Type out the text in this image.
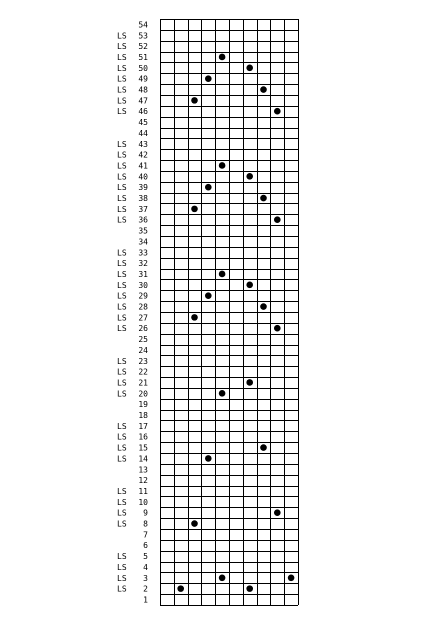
54
53
LS
52
LS
51
LS
50
LS
49
LS
48
LS
47
LS
46
LS
45
44
43
LS
42
LS
41
LS
40
LS
39
LS
38
LS
37
LS
36
LS
35
34
33
LS
32
LS
31
LS
30
LS
29
LS
28
LS
27
LS
26
LS
25
24
23
LS
22
LS
21
LS
20
LS
19
18
17
LS
16
LS
15
LS
14
LS
13
12
11
LS
10
LS
9
LS
8
LS
7
6
5
LS
4
LS
3
LS
2
LS
1
